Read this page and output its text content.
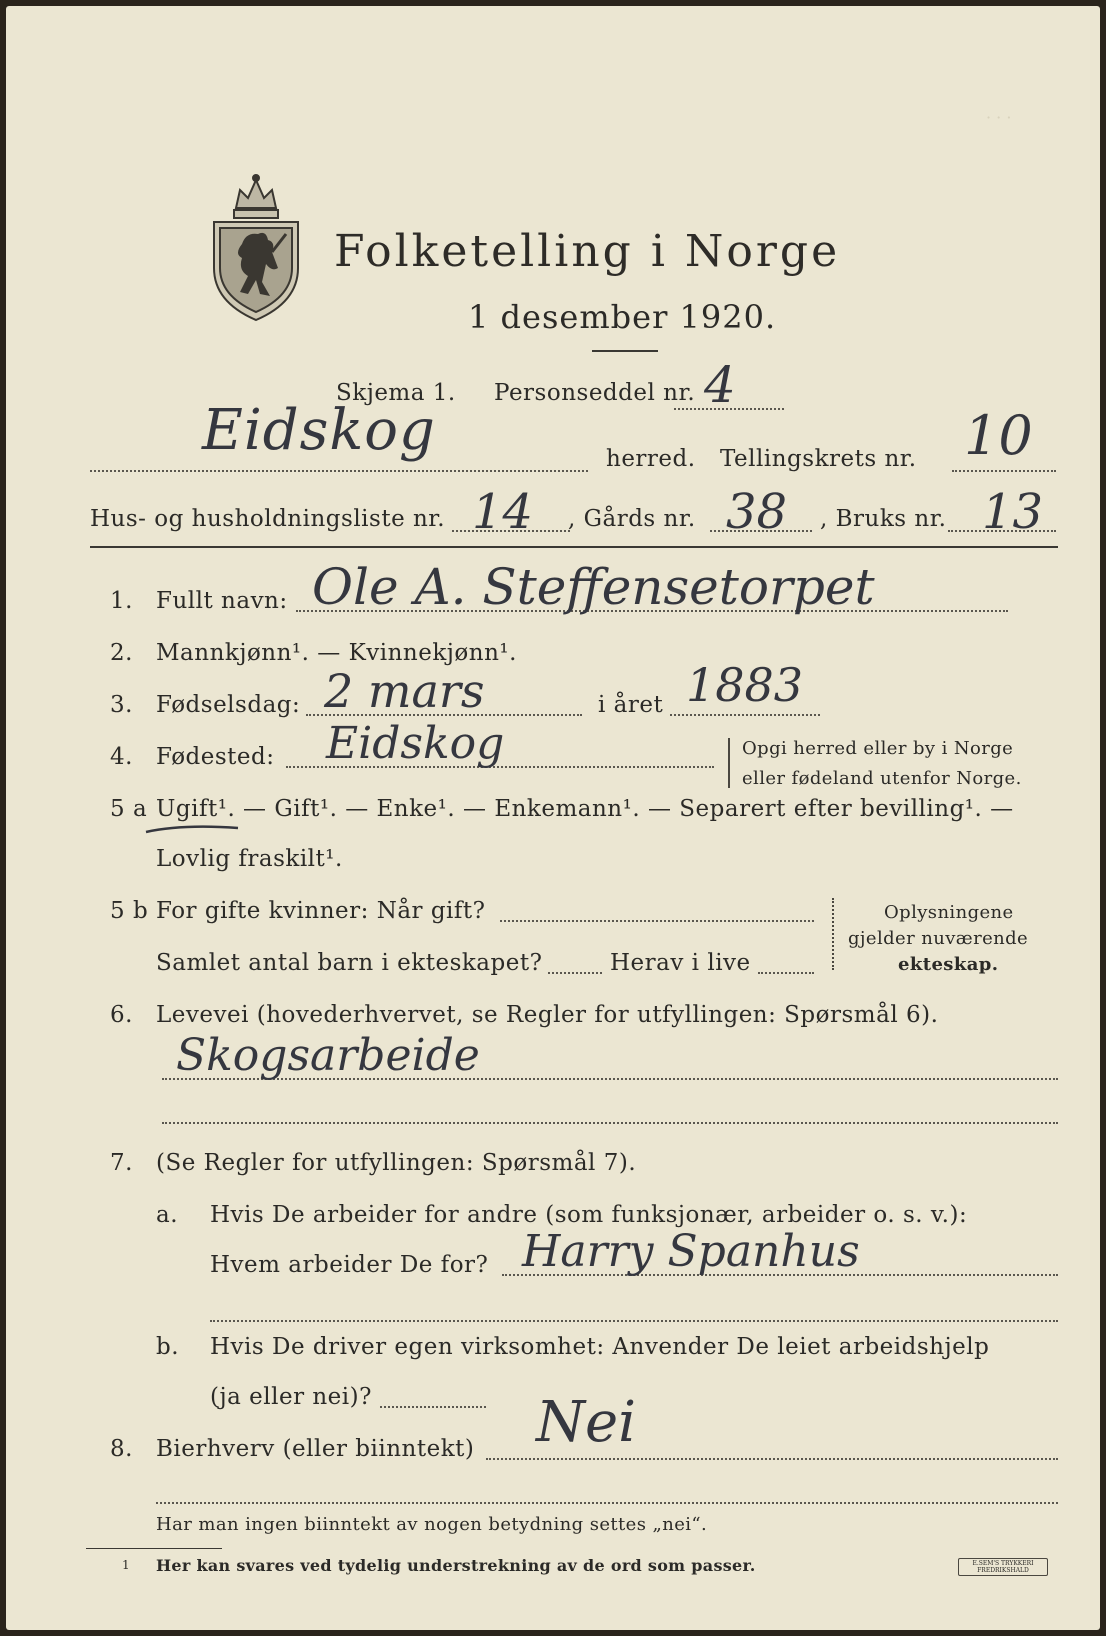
· · ·
Folketelling i Norge
1 desember 1920.
Skjema 1. Personseddel nr. 4
Eidskog	herred. Tellingskrets nr. 10
Hus- og husholdningsliste nr. 14 , Gårds nr. 38 , Bruks nr. 13
1. Fullt navn: Ole A. Steffensetorpet
2. Mannkjønn¹. — Kvinnekjønn¹.
3. Fødselsdag: 2 mars	i året 1883
4. Fødested: Eidskog	Opgi herred eller by i Norge
eller fødeland utenfor Norge.
5 a Ugift¹. — Gift¹. — Enke¹. — Enkemann¹. — Separert efter bevilling¹. —
Lovlig fraskilt¹.
5 b For gifte kvinner: Når gift?
Samlet antal barn i ekteskapet?	Herav i live
Oplysningene
gjelder nuværende
ekteskap.
6. Levevei (hovederhvervet, se Regler for utfyllingen: Spørsmål 6).
Skogsarbeide
7. (Se Regler for utfyllingen: Spørsmål 7).
a. Hvis De arbeider for andre (som funksjonær, arbeider o. s. v.):
Hvem arbeider De for? Harry Spanhus
b. Hvis De driver egen virksomhet: Anvender De leiet arbeidshjelp
(ja eller nei)?
8. Bierhverv (eller biinntekt) Nei
Har man ingen biinntekt av nogen betydning settes „nei“.
1 Her kan svares ved tydelig understrekning av de ord som passer.	E.SEM'S TRYKKERI
FREDRIKSHALD
